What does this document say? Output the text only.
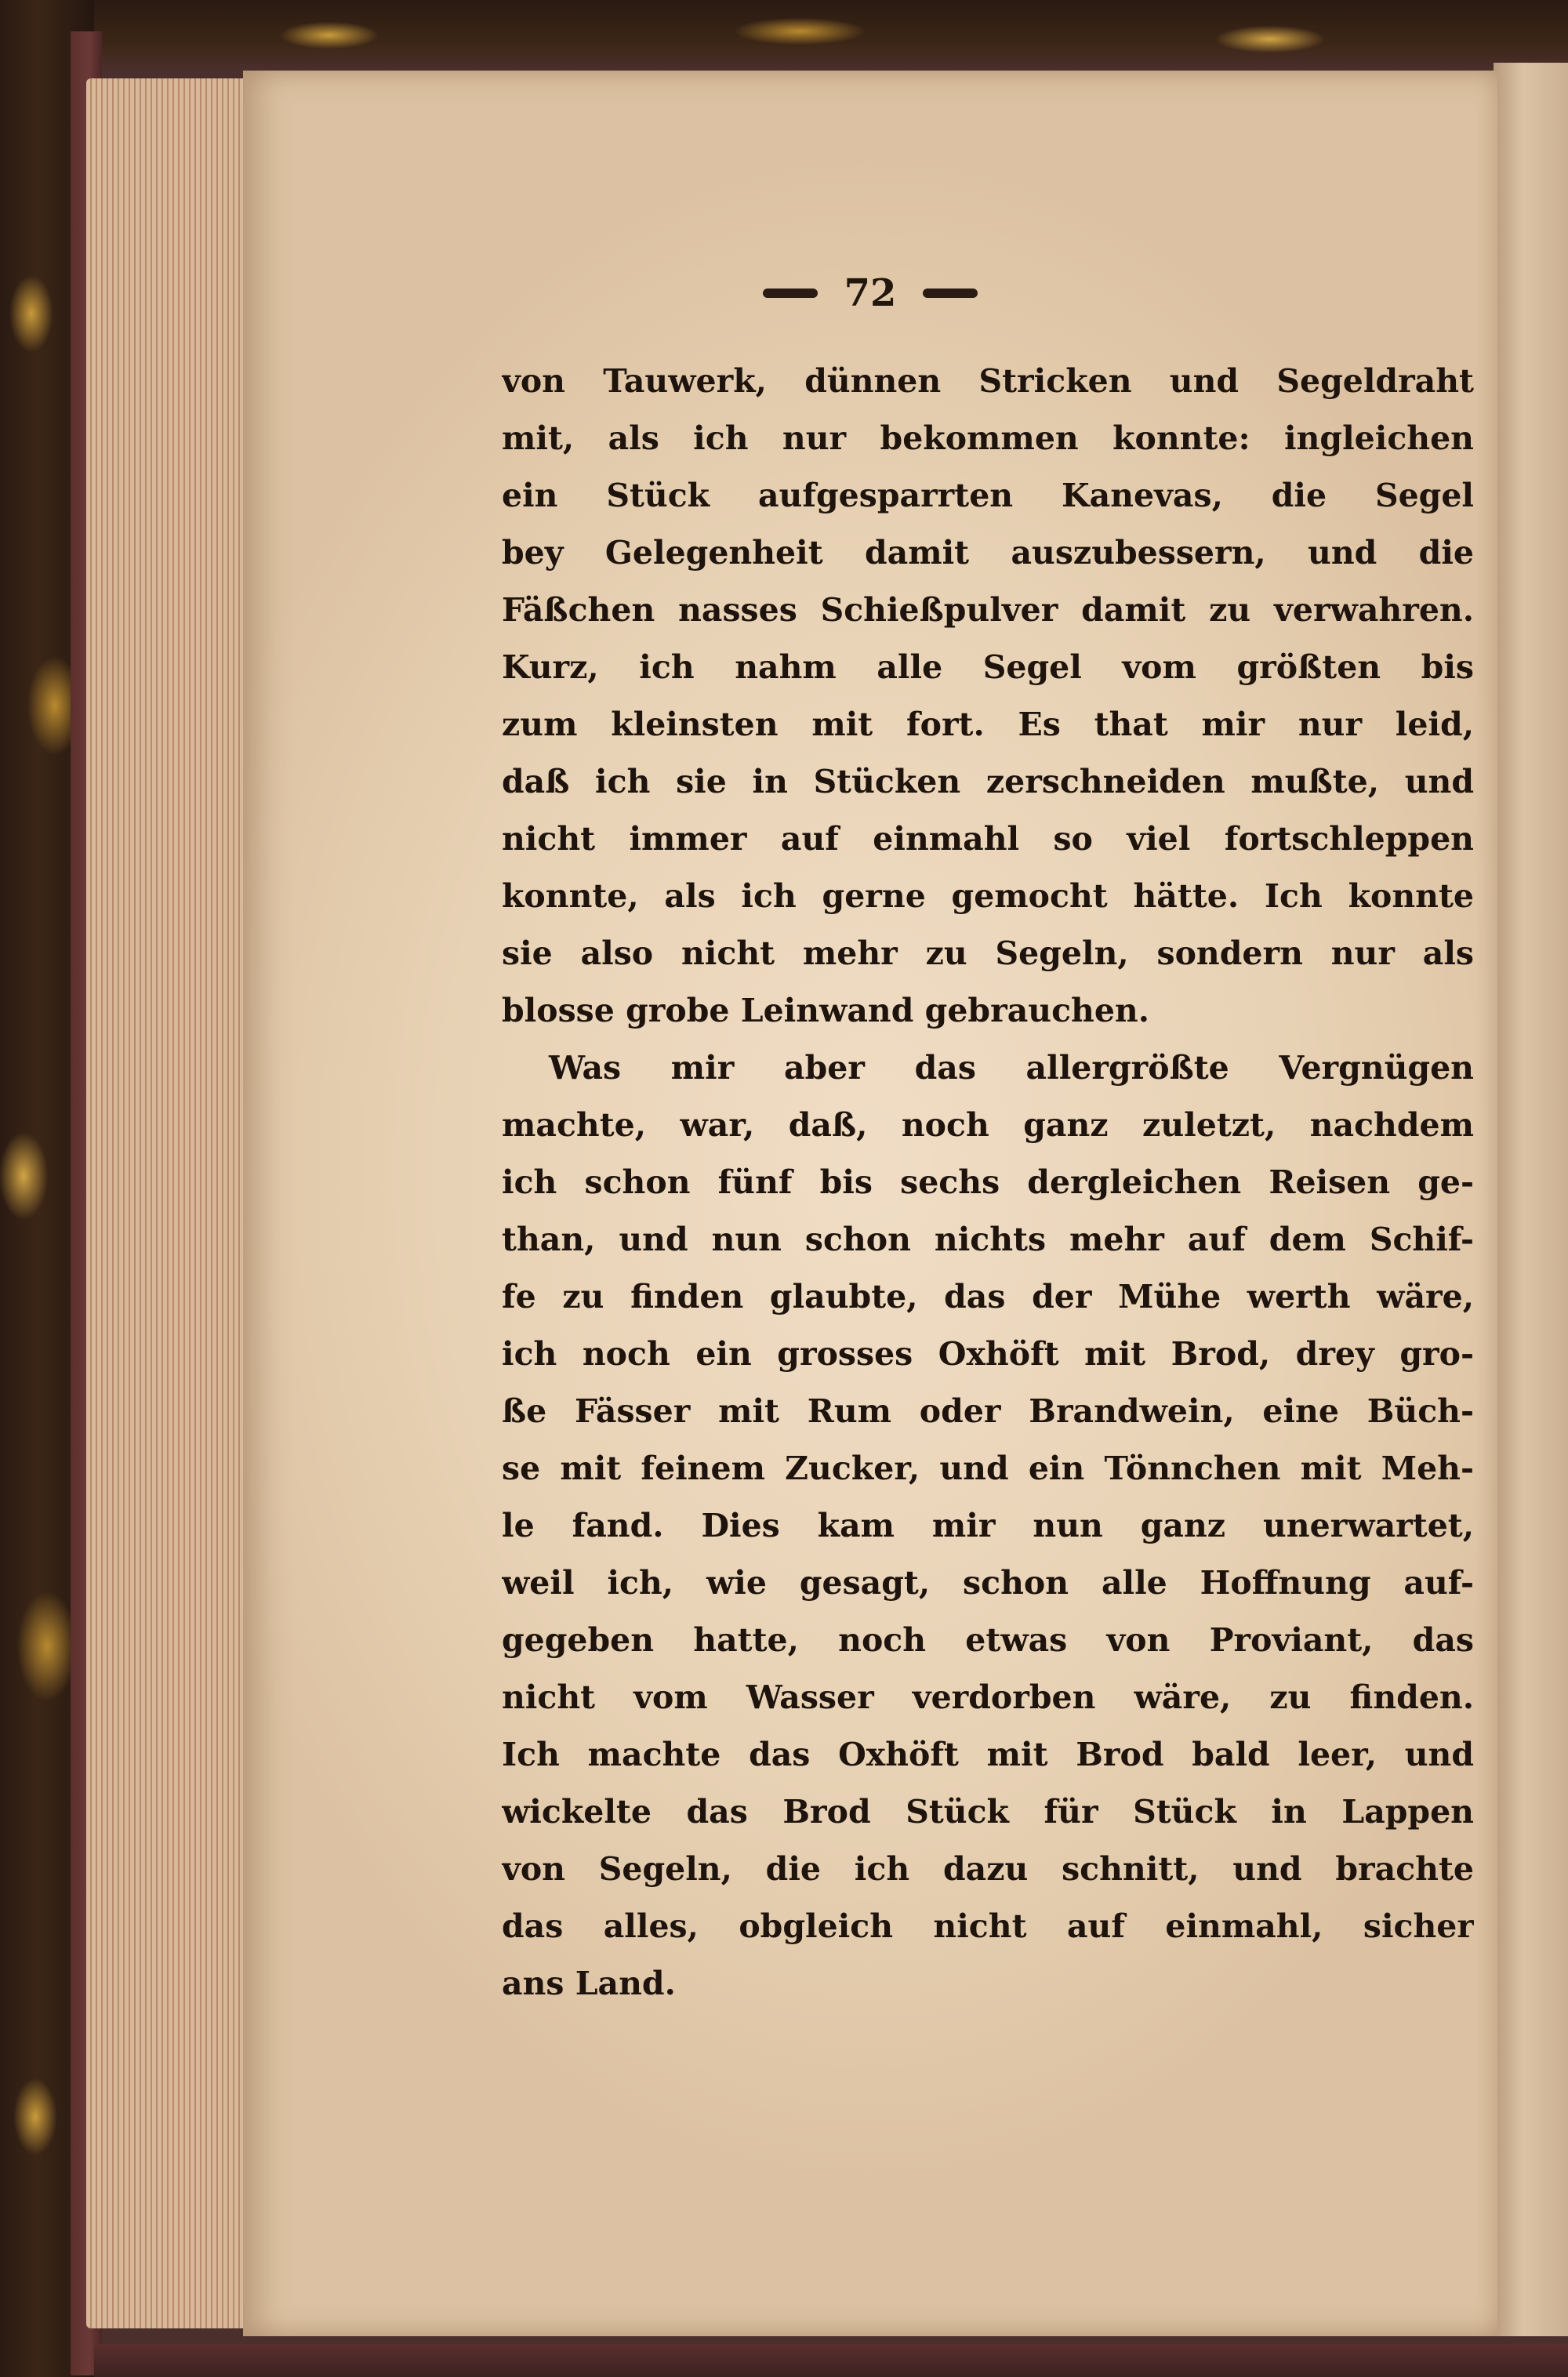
72
von Tauwerk, dünnen Stricken und Segeldraht
mit, als ich nur bekommen konnte: ingleichen
ein Stück aufgesparrten Kanevas, die Segel
bey Gelegenheit damit auszubessern, und die
Fäßchen nasses Schießpulver damit zu verwahren.
Kurz, ich nahm alle Segel vom größten bis
zum kleinsten mit fort. Es that mir nur leid,
daß ich sie in Stücken zerschneiden mußte, und
nicht immer auf einmahl so viel fortschleppen
konnte, als ich gerne gemocht hätte. Ich konnte
sie also nicht mehr zu Segeln, sondern nur als
blosse grobe Leinwand gebrauchen.
Was mir aber das allergrößte Vergnügen
machte, war, daß, noch ganz zuletzt, nachdem
ich schon fünf bis sechs dergleichen Reisen ge-
than, und nun schon nichts mehr auf dem Schif-
fe zu finden glaubte, das der Mühe werth wäre,
ich noch ein grosses Oxhöft mit Brod, drey gro-
ße Fässer mit Rum oder Brandwein, eine Büch-
se mit feinem Zucker, und ein Tönnchen mit Meh-
le fand. Dies kam mir nun ganz unerwartet,
weil ich, wie gesagt, schon alle Hoffnung auf-
gegeben hatte, noch etwas von Proviant, das
nicht vom Wasser verdorben wäre, zu finden.
Ich machte das Oxhöft mit Brod bald leer, und
wickelte das Brod Stück für Stück in Lappen
von Segeln, die ich dazu schnitt, und brachte
das alles, obgleich nicht auf einmahl, sicher
ans Land.
